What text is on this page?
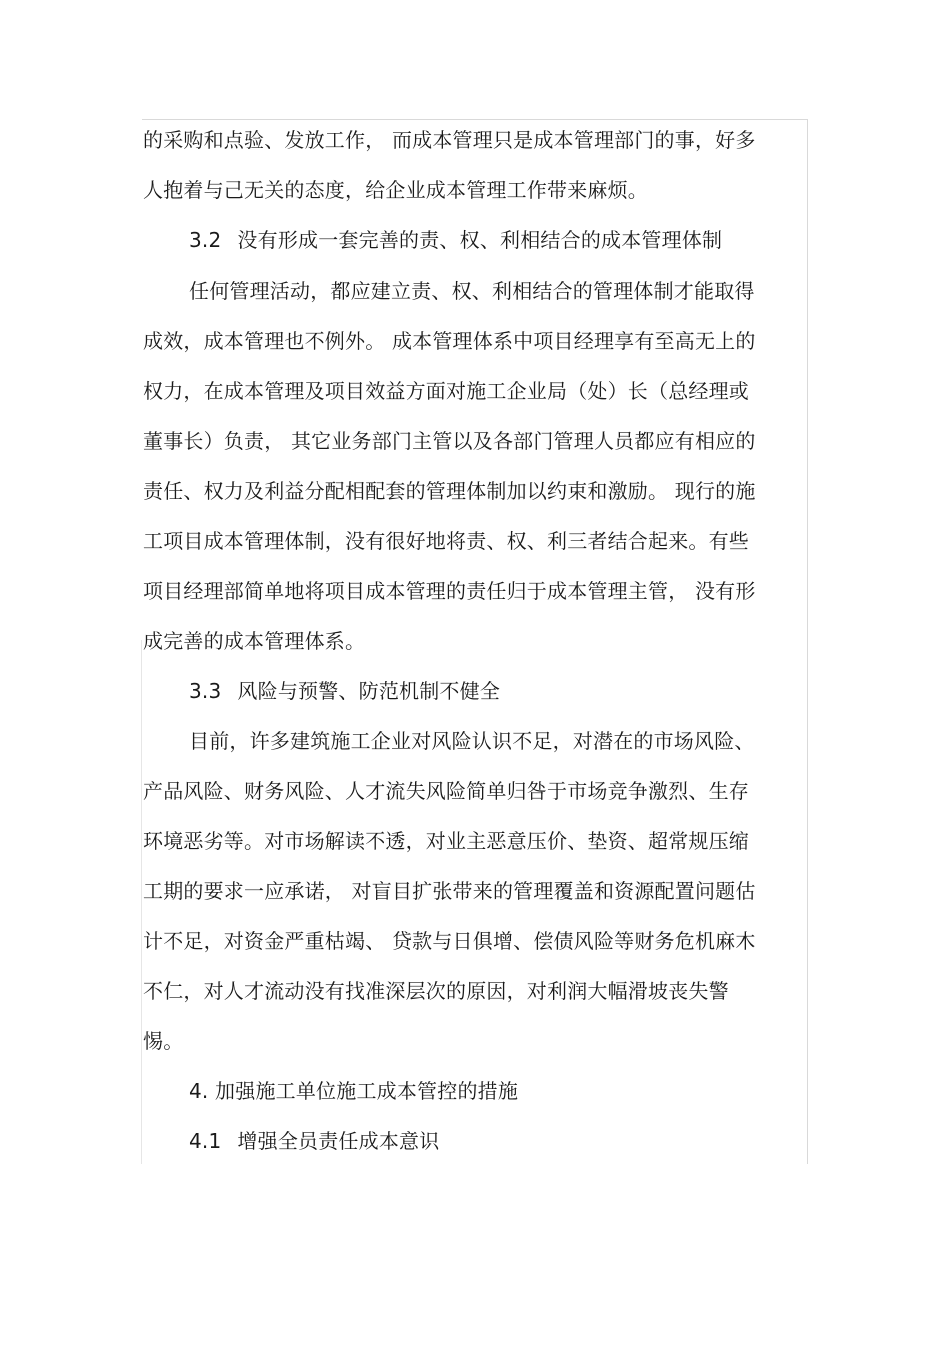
的采购和点验、发放工作， 而成本管理只是成本管理部门的事，好多
人抱着与己无关的态度，给企业成本管理工作带来麻烦。
3.2 没有形成一套完善的责、权、利相结合的成本管理体制
任何管理活动，都应建立责、权、利相结合的管理体制才能取得
成效，成本管理也不例外。 成本管理体系中项目经理享有至高无上的
权力，在成本管理及项目效益方面对施工企业局（处）长（总经理或
董事长）负责， 其它业务部门主管以及各部门管理人员都应有相应的
责任、权力及利益分配相配套的管理体制加以约束和激励。 现行的施
工项目成本管理体制，没有很好地将责、权、利三者结合起来。有些
项目经理部简单地将项目成本管理的责任归于成本管理主管， 没有形
成完善的成本管理体系。
3.3 风险与预警、防范机制不健全
目前，许多建筑施工企业对风险认识不足，对潜在的市场风险、
产品风险、财务风险、人才流失风险简单归咎于市场竞争激烈、生存
环境恶劣等。对市场解读不透，对业主恶意压价、垫资、超常规压缩
工期的要求一应承诺， 对盲目扩张带来的管理覆盖和资源配置问题估
计不足，对资金严重枯竭、 贷款与日俱增、偿债风险等财务危机麻木
不仁，对人才流动没有找准深层次的原因，对利润大幅滑坡丧失警
惕。
4. 加强施工单位施工成本管控的措施
4.1 增强全员责任成本意识
